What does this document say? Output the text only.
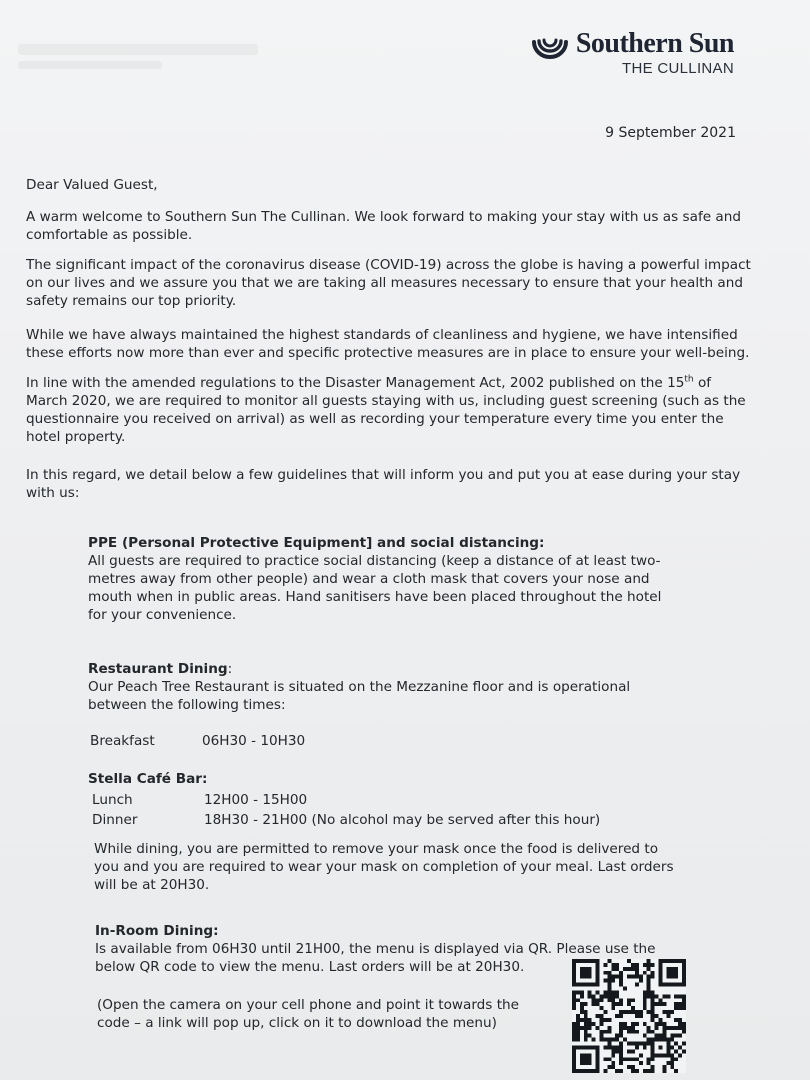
Southern Sun
THE CULLINAN
9 September 2021
Dear Valued Guest,

A warm welcome to Southern Sun The Cullinan. We look forward to making your stay with us as safe and comfortable as possible.

The significant impact of the coronavirus disease (COVID-19) across the globe is having a powerful impact on our lives and we assure you that we are taking all measures necessary to ensure that your health and safety remains our top priority.

While we have always maintained the highest standards of cleanliness and hygiene, we have intensified these efforts now more than ever and specific protective measures are in place to ensure your well-being.

In line with the amended regulations to the Disaster Management Act, 2002 published on the 15th of March 2020, we are required to monitor all guests staying with us, including guest screening (such as the questionnaire you received on arrival) as well as recording your temperature every time you enter the hotel property.

In this regard, we detail below a few guidelines that will inform you and put you at ease during your stay with us:

PPE (Personal Protective Equipment] and social distancing:

All guests are required to practice social distancing (keep a distance of at least two-metres away from other people) and wear a cloth mask that covers your nose and mouth when in public areas. Hand sanitisers have been placed throughout the hotel for your convenience.

Restaurant Dining:

Our Peach Tree Restaurant is situated on the Mezzanine floor and is operational between the following times:

Breakfast	06H30 - 10H30
Stella Café Bar:
Lunch	12H00 - 15H00
Dinner	18H30 - 21H00 (No alcohol may be served after this hour)

While dining, you are permitted to remove your mask once the food is delivered to you and you are required to wear your mask on completion of your meal. Last orders will be at 20H30.

In-Room Dining:

Is available from 06H30 until 21H00, the menu is displayed via QR. Please use the below QR code to view the menu. Last orders will be at 20H30.

(Open the camera on your cell phone and point it towards the code – a link will pop up, click on it to download the menu)
